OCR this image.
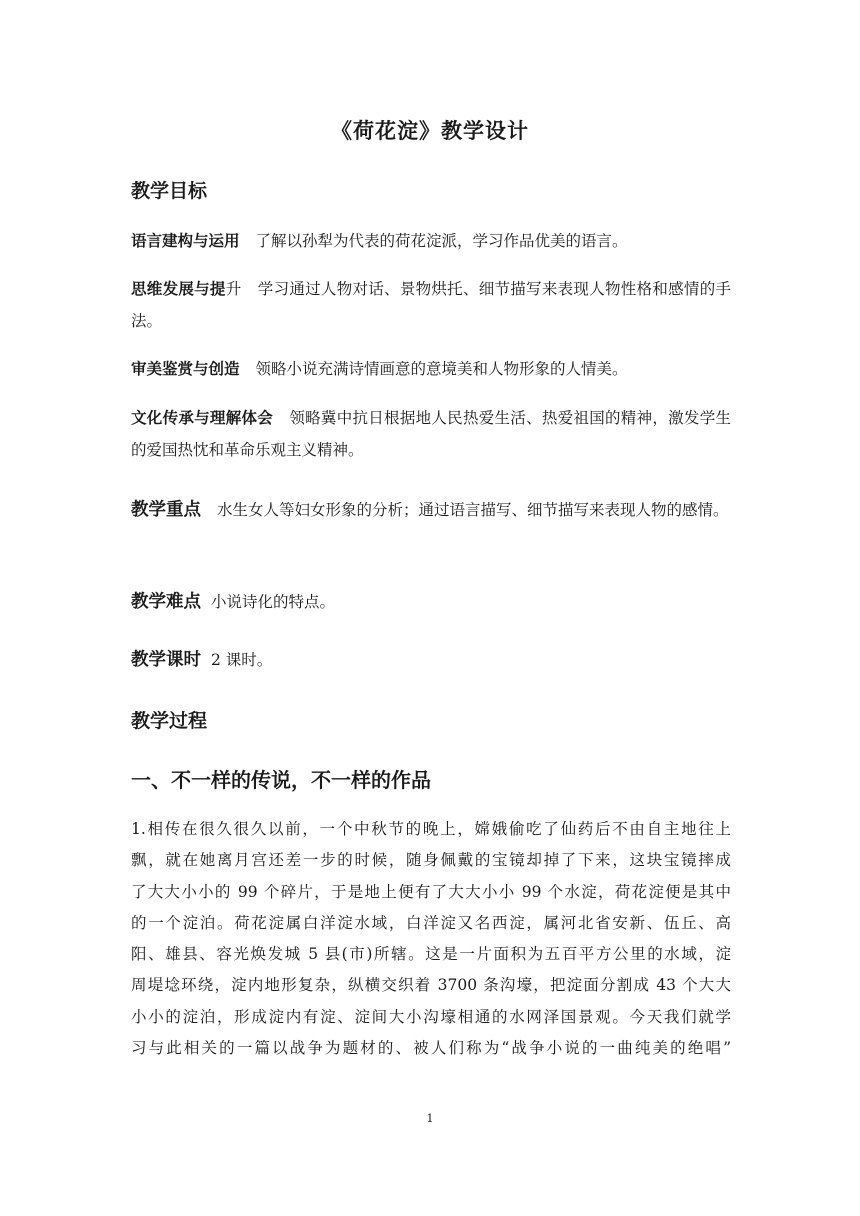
《荷花淀》教学设计
教学目标
语言建构与运用 了解以孙犁为代表的荷花淀派，学习作品优美的语言。
思维发展与提升 学习通过人物对话、景物烘托、细节描写来表现人物性格和感情的手法。
审美鉴赏与创造 领略小说充满诗情画意的意境美和人物形象的人情美。
文化传承与理解体会 领略冀中抗日根据地人民热爱生活、热爱祖国的精神，激发学生的爱国热忱和革命乐观主义精神。
教学重点 水生女人等妇女形象的分析；通过语言描写、细节描写来表现人物的感情。
教学难点 小说诗化的特点。
教学课时 2 课时。
教学过程
一、不一样的传说，不一样的作品
1.相传在很久很久以前，一个中秋节的晚上，嫦娥偷吃了仙药后不由自主地往上
飘，就在她离月宫还差一步的时候，随身佩戴的宝镜却掉了下来，这块宝镜摔成
了大大小小的 99 个碎片，于是地上便有了大大小小 99 个水淀，荷花淀便是其中
的一个淀泊。荷花淀属白洋淀水域，白洋淀又名西淀，属河北省安新、伍丘、高
阳、雄县、容光焕发城 5 县(市)所辖。这是一片面积为五百平方公里的水域，淀
周堤埝环绕，淀内地形复杂，纵横交织着 3700 条沟壕，把淀面分割成 43 个大大
小小的淀泊，形成淀内有淀、淀间大小沟壕相通的水网泽国景观。今天我们就学
习与此相关的一篇以战争为题材的、被人们称为“战争小说的一曲纯美的绝唱”
1
